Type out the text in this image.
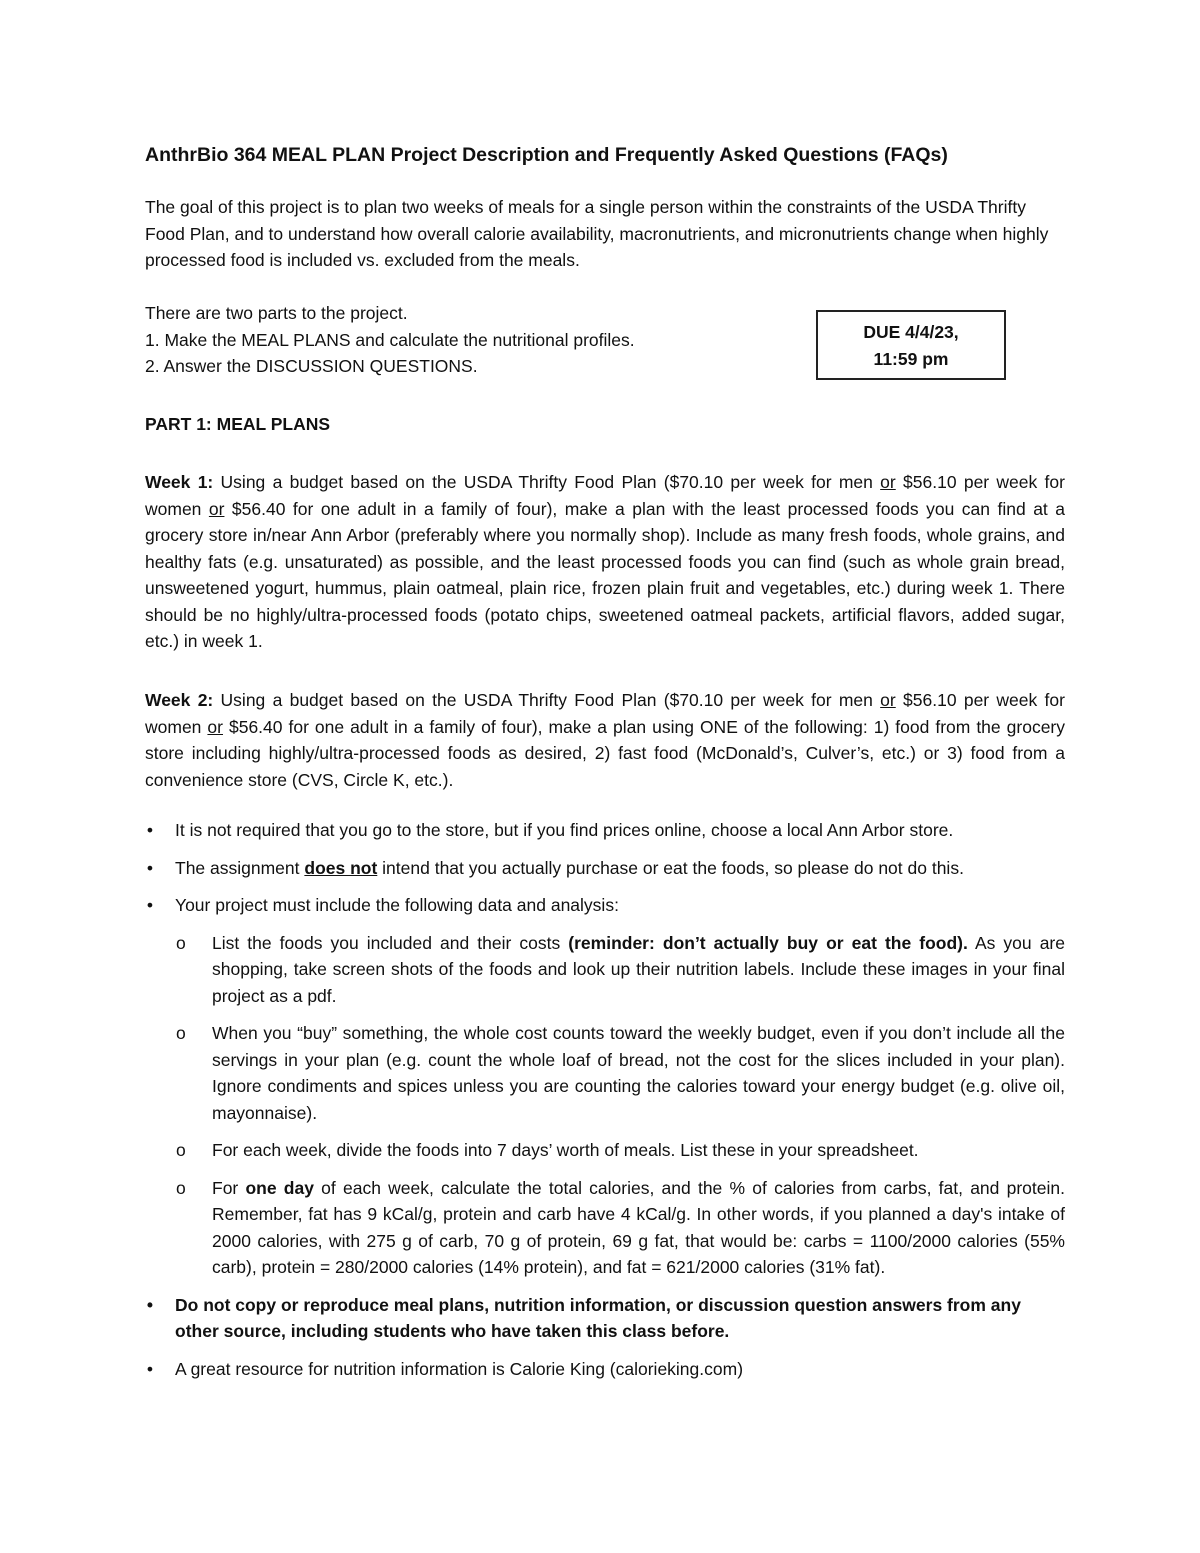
AnthrBio 364 MEAL PLAN Project Description and Frequently Asked Questions (FAQs)

The goal of this project is to plan two weeks of meals for a single person within the constraints of the USDA Thrifty Food Plan, and to understand how overall calorie availability, macronutrients, and micronutrients change when highly processed food is included vs. excluded from the meals.

There are two parts to the project.

1. Make the MEAL PLANS and calculate the nutritional profiles.

2. Answer the DISCUSSION QUESTIONS.

DUE 4/4/23,
11:59 pm
PART 1: MEAL PLANS

Week 1: Using a budget based on the USDA Thrifty Food Plan ($70.10 per week for men or $56.10 per week for women or $56.40 for one adult in a family of four), make a plan with the least processed foods you can find at a grocery store in/near Ann Arbor (preferably where you normally shop). Include as many fresh foods, whole grains, and healthy fats (e.g. unsaturated) as possible, and the least processed foods you can find (such as whole grain bread, unsweetened yogurt, hummus, plain oatmeal, plain rice, frozen plain fruit and vegetables, etc.) during week 1. There should be no highly/ultra-processed foods (potato chips, sweetened oatmeal packets, artificial flavors, added sugar, etc.) in week 1.

Week 2: Using a budget based on the USDA Thrifty Food Plan ($70.10 per week for men or $56.10 per week for women or $56.40 for one adult in a family of four), make a plan using ONE of the following: 1) food from the grocery store including highly/ultra-processed foods as desired, 2) fast food (McDonald’s, Culver’s, etc.) or 3) food from a convenience store (CVS, Circle K, etc.).

• It is not required that you go to the store, but if you find prices online, choose a local Ann Arbor store.
• The assignment does not intend that you actually purchase or eat the foods, so please do not do this.
• Your project must include the following data and analysis:
o List the foods you included and their costs (reminder: don’t actually buy or eat the food). As you are shopping, take screen shots of the foods and look up their nutrition labels. Include these images in your final project as a pdf.
o When you “buy” something, the whole cost counts toward the weekly budget, even if you don’t include all the servings in your plan (e.g. count the whole loaf of bread, not the cost for the slices included in your plan). Ignore condiments and spices unless you are counting the calories toward your energy budget (e.g. olive oil, mayonnaise).
o For each week, divide the foods into 7 days’ worth of meals. List these in your spreadsheet.
o For one day of each week, calculate the total calories, and the % of calories from carbs, fat, and protein. Remember, fat has 9 kCal/g, protein and carb have 4 kCal/g. In other words, if you planned a day's intake of 2000 calories, with 275 g of carb, 70 g of protein, 69 g fat, that would be: carbs = 1100/2000 calories (55% carb), protein = 280/2000 calories (14% protein), and fat = 621/2000 calories (31% fat).
• Do not copy or reproduce meal plans, nutrition information, or discussion question answers from any other source, including students who have taken this class before.
• A great resource for nutrition information is Calorie King (calorieking.com)
